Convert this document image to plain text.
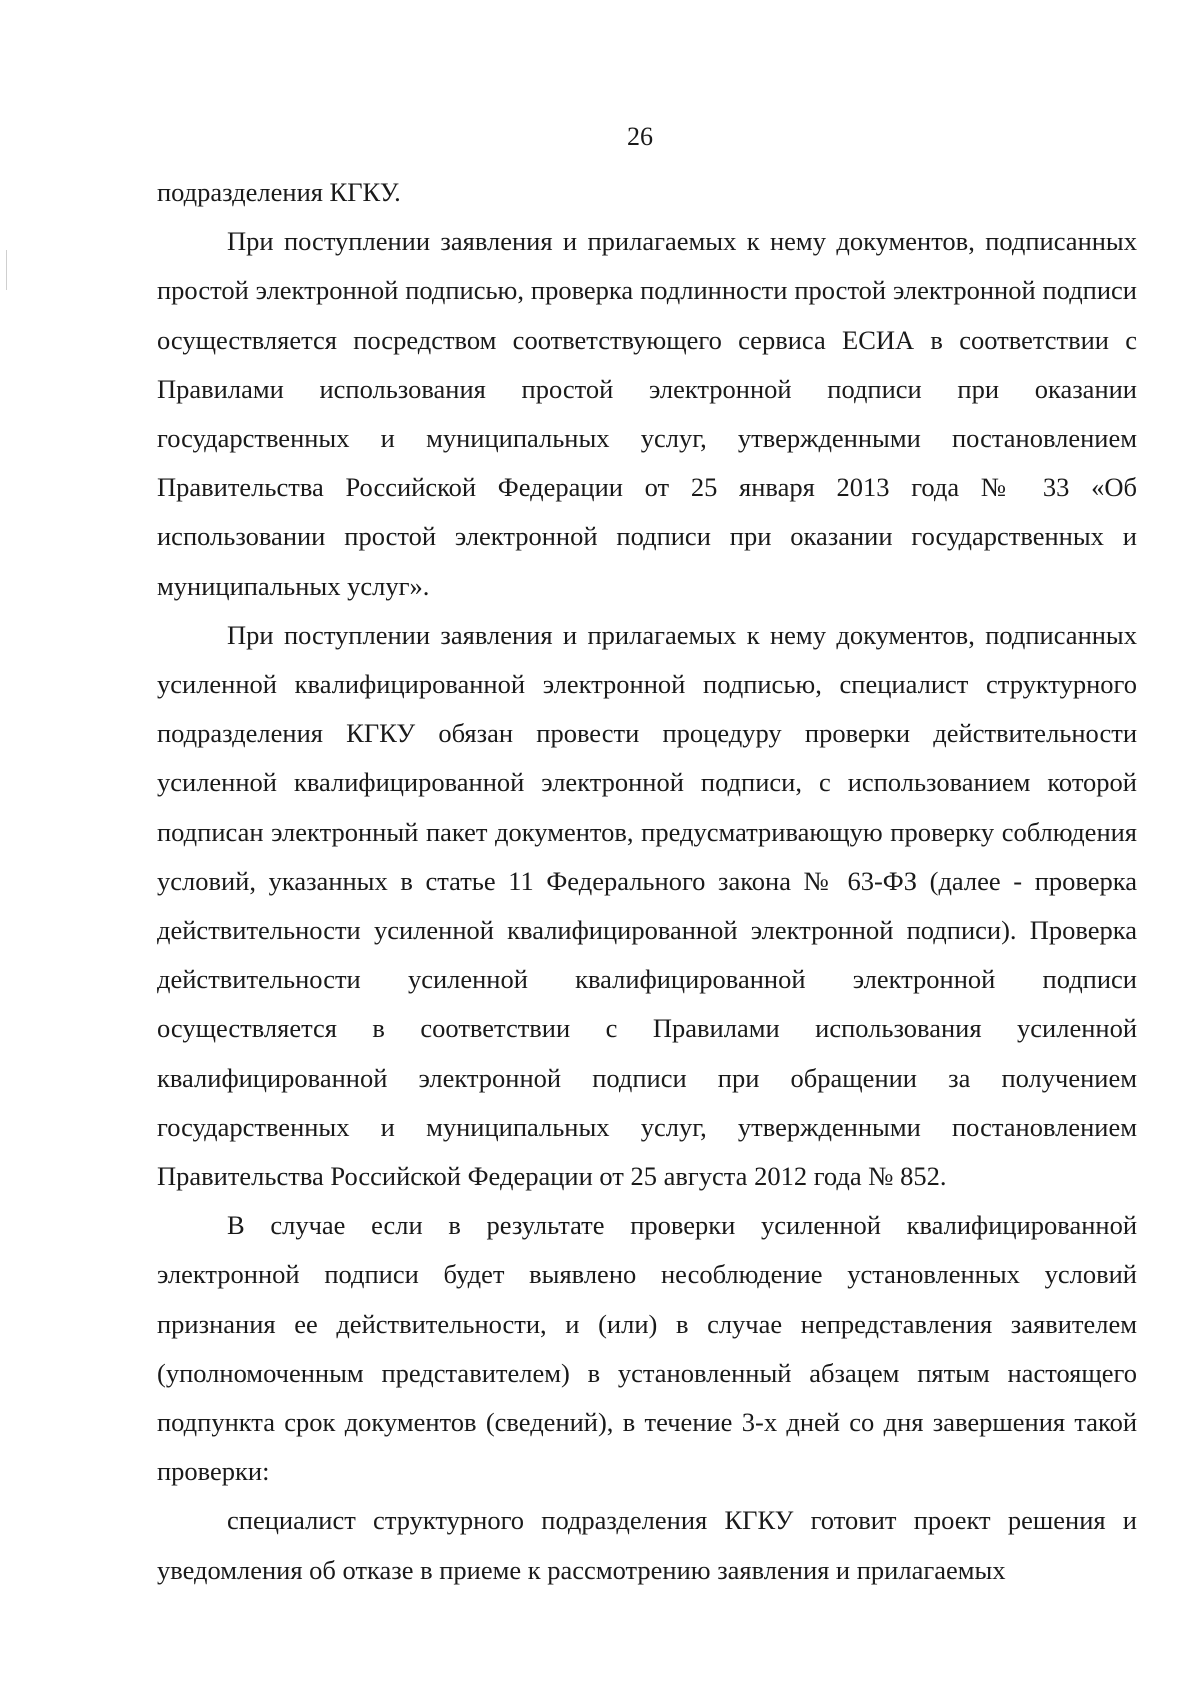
26

подразделения КГКУ.

При поступлении заявления и прилагаемых к нему документов, подписанных простой электронной подписью, проверка подлинности простой электронной подписи осуществляется посредством соответствующего сервиса ЕСИА в соответствии с Правилами использования простой электронной подписи при оказании государственных и муниципальных услуг, утвержденными постановлением Правительства Российской Федерации от 25 января 2013 года № 33 «Об использовании простой электронной подписи при оказании государственных и муниципальных услуг».

При поступлении заявления и прилагаемых к нему документов, подписанных усиленной квалифицированной электронной подписью, специалист структурного подразделения КГКУ обязан провести процедуру проверки действительности усиленной квалифицированной электронной подписи, с использованием которой подписан электронный пакет документов, предусматривающую проверку соблюдения условий, указанных в статье 11 Федерального закона № 63-ФЗ (далее - проверка действительности усиленной квалифицированной электронной подписи). Проверка действительности усиленной квалифицированной электронной подписи осуществляется в соответствии с Правилами использования усиленной квалифицированной электронной подписи при обращении за получением государственных и муниципальных услуг, утвержденными постановлением Правительства Российской Федерации от 25 августа 2012 года № 852.

В случае если в результате проверки усиленной квалифицированной электронной подписи будет выявлено несоблюдение установленных условий признания ее действительности, и (или) в случае непредставления заявителем (уполномоченным представителем) в установленный абзацем пятым настоящего подпункта срок документов (сведений), в течение 3-х дней со дня завершения такой проверки:

специалист структурного подразделения КГКУ готовит проект решения и уведомления об отказе в приеме к рассмотрению заявления и прилагаемых
